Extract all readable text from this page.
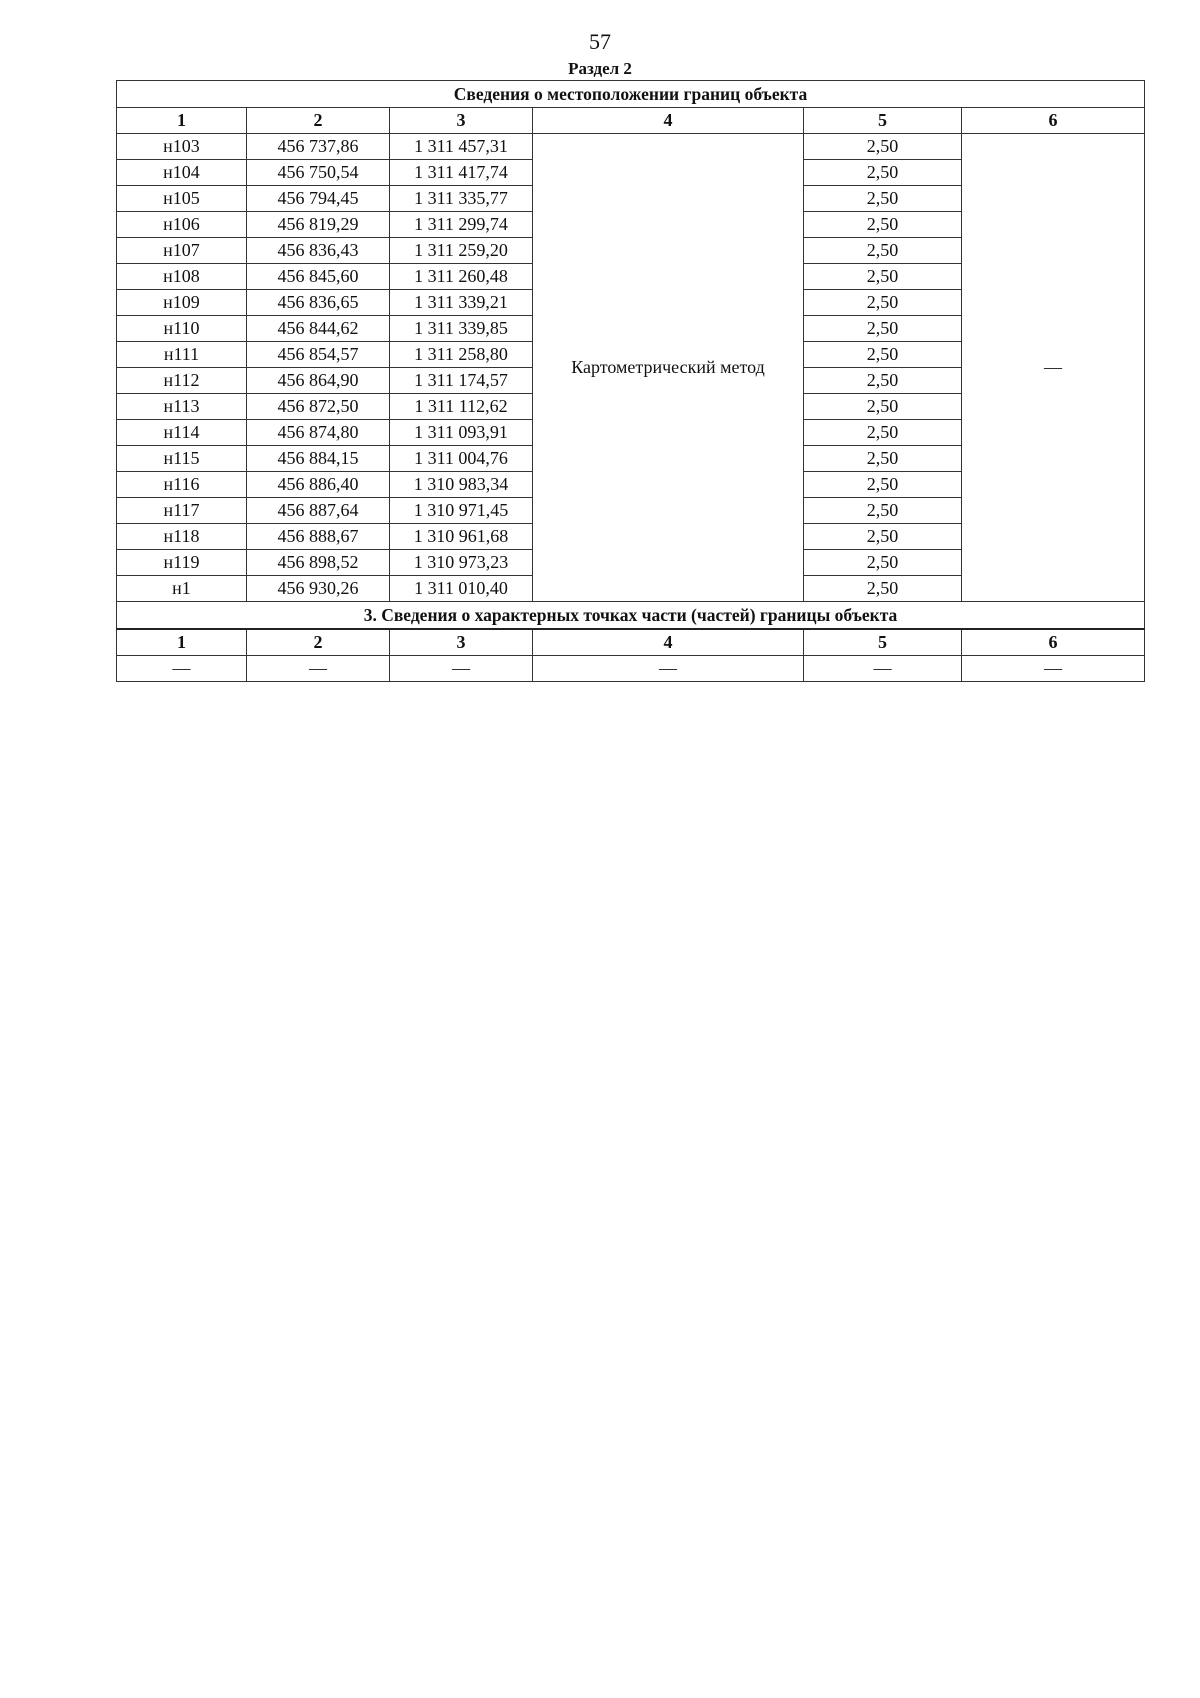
57
Раздел 2
Сведения о местоположении границ объекта					
1	2	3	4	5	6
н103	456 737,86	1 311 457,31	Картометрический метод	2,50	—
н104	456 750,54	1 311 417,74		2,50	
н105	456 794,45	1 311 335,77		2,50	
н106	456 819,29	1 311 299,74		2,50	
н107	456 836,43	1 311 259,20		2,50	
н108	456 845,60	1 311 260,48		2,50	
н109	456 836,65	1 311 339,21		2,50	
н110	456 844,62	1 311 339,85		2,50	
н111	456 854,57	1 311 258,80		2,50	
н112	456 864,90	1 311 174,57		2,50	
н113	456 872,50	1 311 112,62		2,50	
н114	456 874,80	1 311 093,91		2,50	
н115	456 884,15	1 311 004,76		2,50	
н116	456 886,40	1 310 983,34		2,50	
н117	456 887,64	1 310 971,45		2,50	
н118	456 888,67	1 310 961,68		2,50	
н119	456 898,52	1 310 973,23		2,50	
н1	456 930,26	1 311 010,40		2,50	
3. Сведения о характерных точках части (частей) границы объекта					
1	2	3	4	5	6
—	—	—	—	—	—
